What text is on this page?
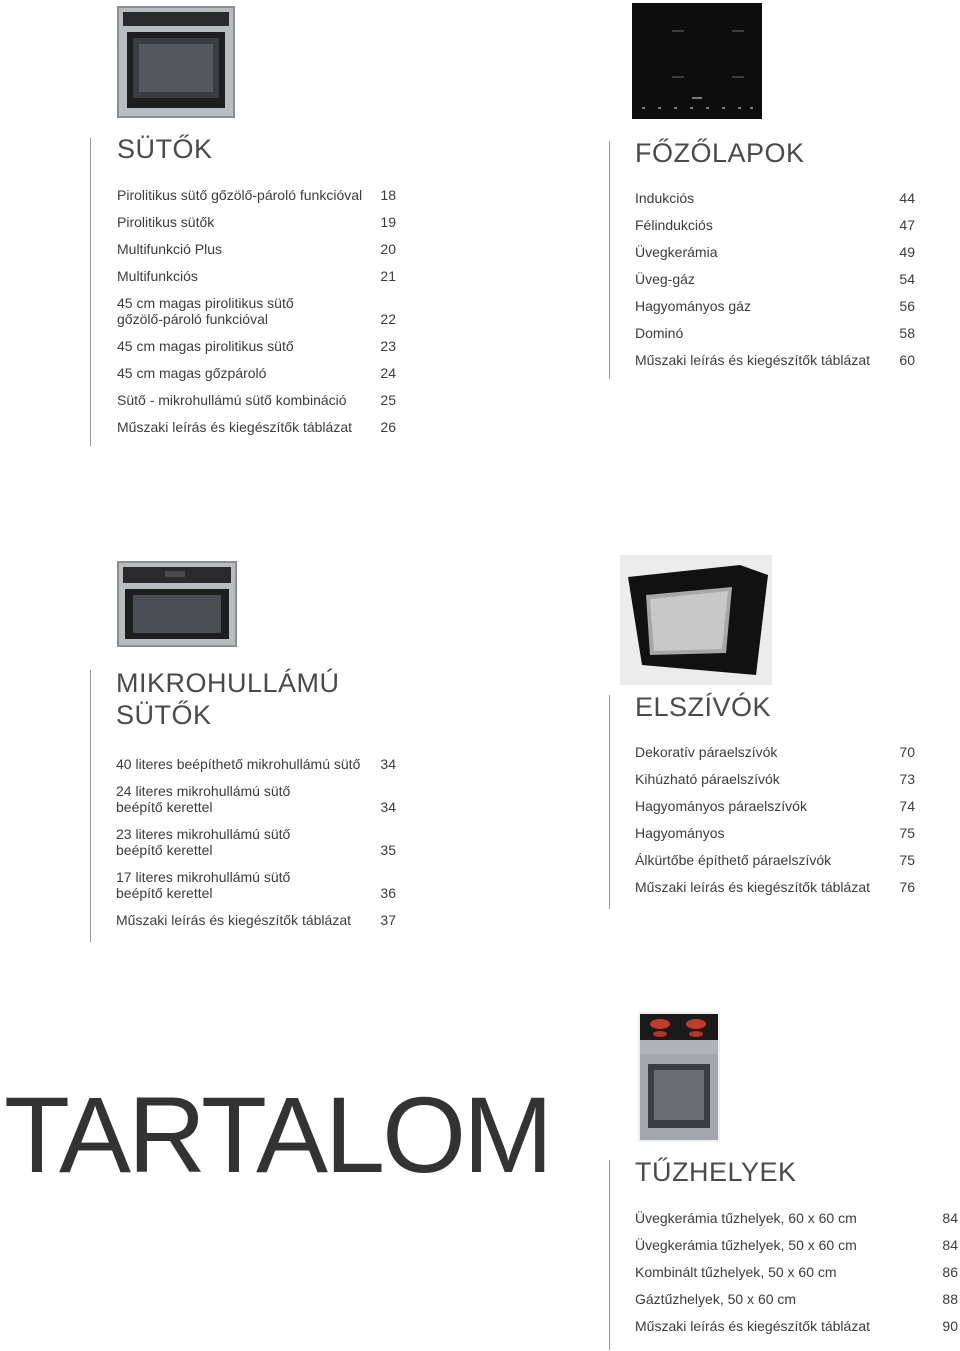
SÜTŐK
Pirolitikus sütő gőzölő-pároló funkcióval	18
Pirolitikus sütők	19
Multifunkció Plus	20
Multifunkciós	21
45 cm magas pirolitikus sütő
gőzölő-pároló funkcióval	22
45 cm magas pirolitikus sütő	23
45 cm magas gőzpároló	24
Sütő - mikrohullámú sütő kombináció	25
Műszaki leírás és kiegészítők táblázat	26
FŐZŐLAPOK
Indukciós	44
Félindukciós	47
Üvegkerámia	49
Üveg-gáz	54
Hagyományos gáz	56
Dominó	58
Műszaki leírás és kiegészítők táblázat	60
MIKROHULLÁMÚ
SÜTŐK
40 literes beépíthető mikrohullámú sütő	34
24 literes mikrohullámú sütő
beépítő kerettel	34
23 literes mikrohullámú sütő
beépítő kerettel	35
17 literes mikrohullámú sütő
beépítő kerettel	36
Műszaki leírás és kiegészítők táblázat	37
ELSZÍVÓK
Dekoratív páraelszívók	70
Kihúzható páraelszívók	73
Hagyományos páraelszívók	74
Hagyományos	75
Álkürtőbe építhető páraelszívók	75
Műszaki leírás és kiegészítők táblázat	76
TARTALOM	TŰZHELYEK
Üvegkerámia tűzhelyek, 60 x 60 cm	84
Üvegkerámia tűzhelyek, 50 x 60 cm	84
Kombinált tűzhelyek, 50 x 60 cm	86
Gáztűzhelyek, 50 x 60 cm	88
Műszaki leírás és kiegészítők táblázat	90
